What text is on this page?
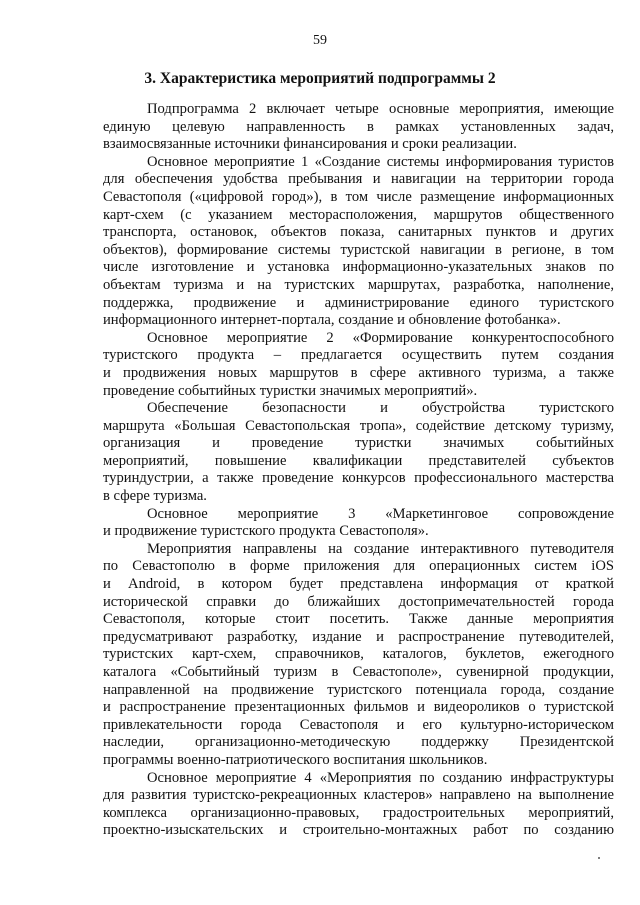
59
3. Характеристика мероприятий подпрограммы 2

Подпрограмма 2 включает четыре основные мероприятия, имеющие
единую целевую направленность в рамках установленных задач,
взаимосвязанные источники финансирования и сроки реализации.

Основное мероприятие 1 «Создание системы информирования туристов
для обеспечения удобства пребывания и навигации на территории города
Севастополя («цифровой город»), в том числе размещение информационных
карт-схем (с указанием месторасположения, маршрутов общественного
транспорта, остановок, объектов показа, санитарных пунктов и других
объектов), формирование системы туристской навигации в регионе, в том
числе изготовление и установка информационно-указательных знаков по
объектам туризма и на туристских маршрутах, разработка, наполнение,
поддержка, продвижение и администрирование единого туристского
информационного интернет-портала, создание и обновление фотобанка».

Основное мероприятие 2 «Формирование конкурентоспособного
туристского продукта – предлагается осуществить путем создания
и продвижения новых маршрутов в сфере активного туризма, а также
проведение событийных туристки значимых мероприятий».

Обеспечение безопасности и обустройства туристского
маршрута «Большая Севастопольская тропа», содействие детскому туризму,
организация и проведение туристки значимых событийных
мероприятий, повышение квалификации представителей субъектов
туриндустрии, а также проведение конкурсов профессионального мастерства
в сфере туризма.

Основное мероприятие 3 «Маркетинговое сопровождение
и продвижение туристского продукта Севастополя».

Мероприятия направлены на создание интерактивного путеводителя
по Севастополю в форме приложения для операционных систем iOS
и Android, в котором будет представлена информация от краткой
исторической справки до ближайших достопримечательностей города
Севастополя, которые стоит посетить. Также данные мероприятия
предусматривают разработку, издание и распространение путеводителей,
туристских карт-схем, справочников, каталогов, буклетов, ежегодного
каталога «Событийный туризм в Севастополе», сувенирной продукции,
направленной на продвижение туристского потенциала города, создание
и распространение презентационных фильмов и видеороликов о туристской
привлекательности города Севастополя и его культурно-историческом
наследии, организационно-методическую поддержку Президентской
программы военно-патриотического воспитания школьников.

Основное мероприятие 4 «Мероприятия по созданию инфраструктуры
для развития туристско-рекреационных кластеров» направлено на выполнение
комплекса организационно-правовых, градостроительных мероприятий,
проектно-изыскательских и строительно-монтажных работ по созданию
